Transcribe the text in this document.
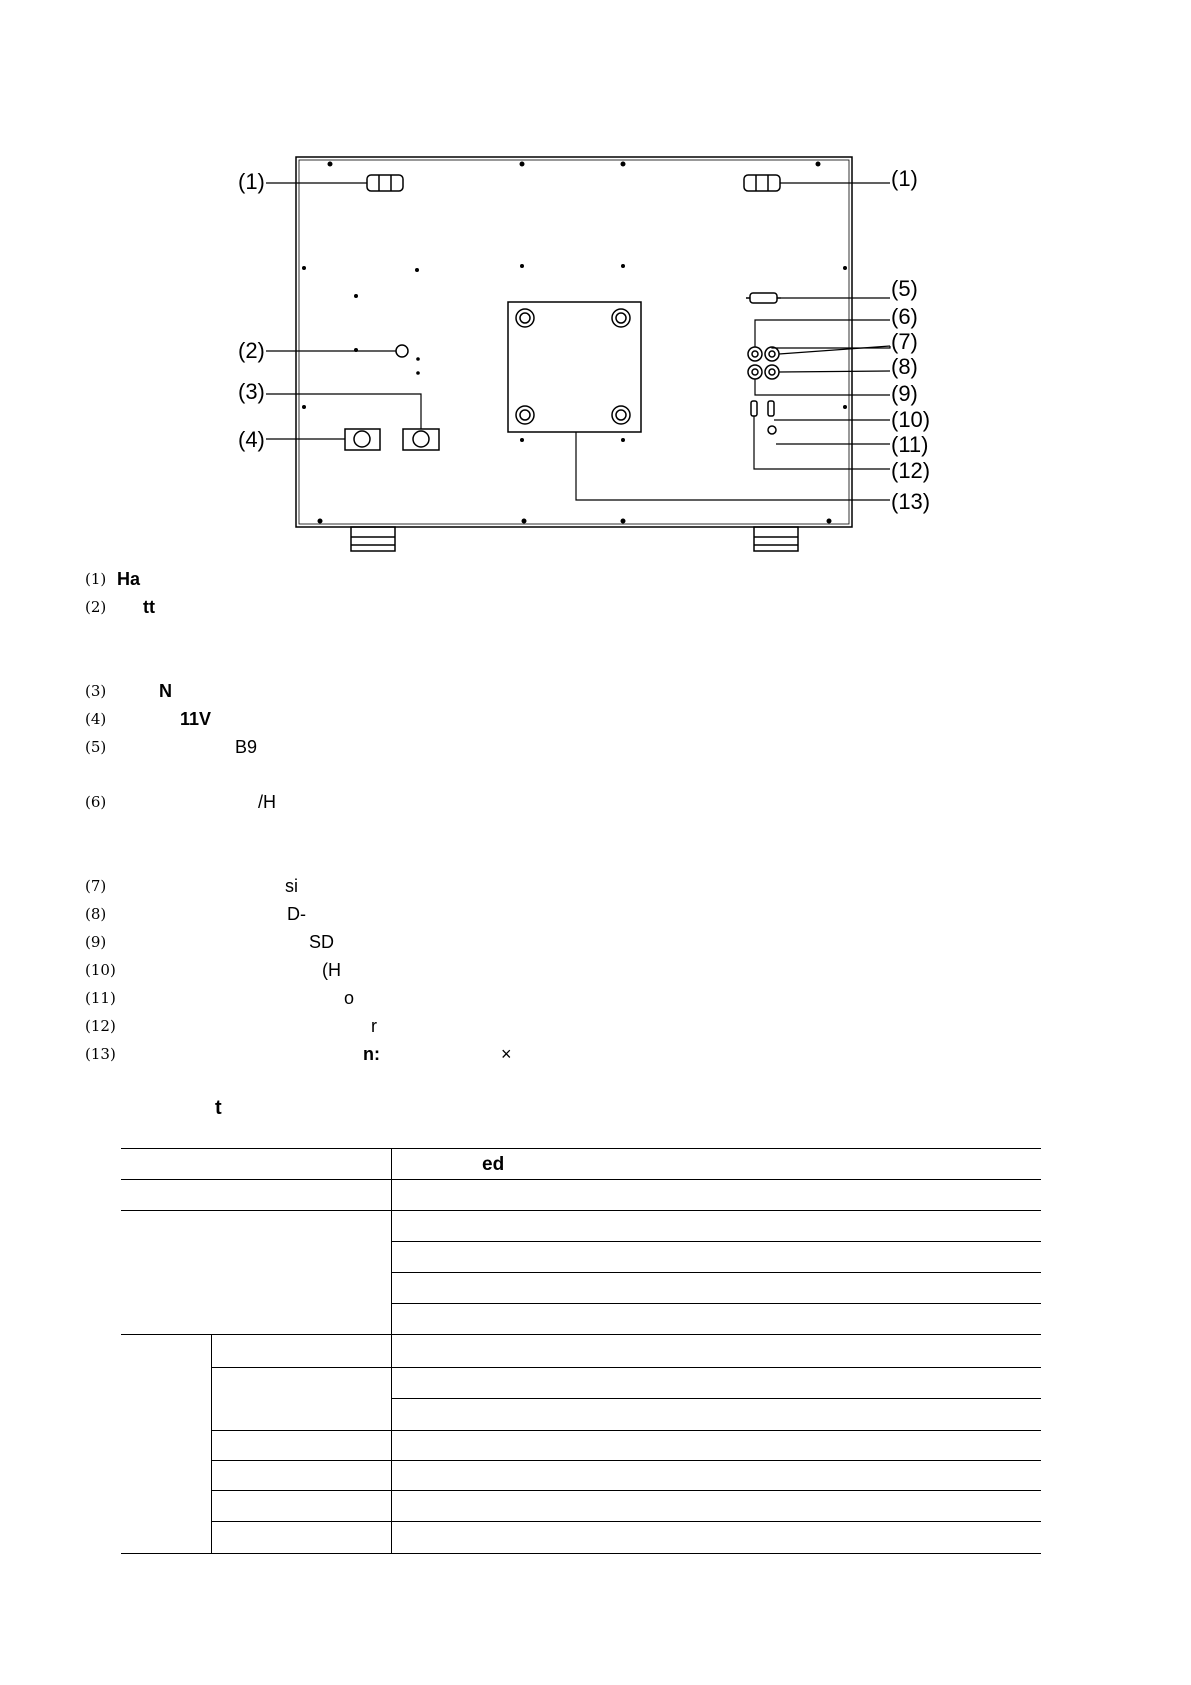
(1)	(1)
(2)
(3)
(4)
(5)
(6)
(7)
(8)
(9)
(10)
(11)
(12)
(13)
(1) Ha
(2) tt
(3)	N
(4)	11V
(5)	B9
(6)	/H
(7)	si
(8)	D-
(9)	SD
(10)	(H
(11)	o
(12)	r
(13)	n:	×
t
ed
